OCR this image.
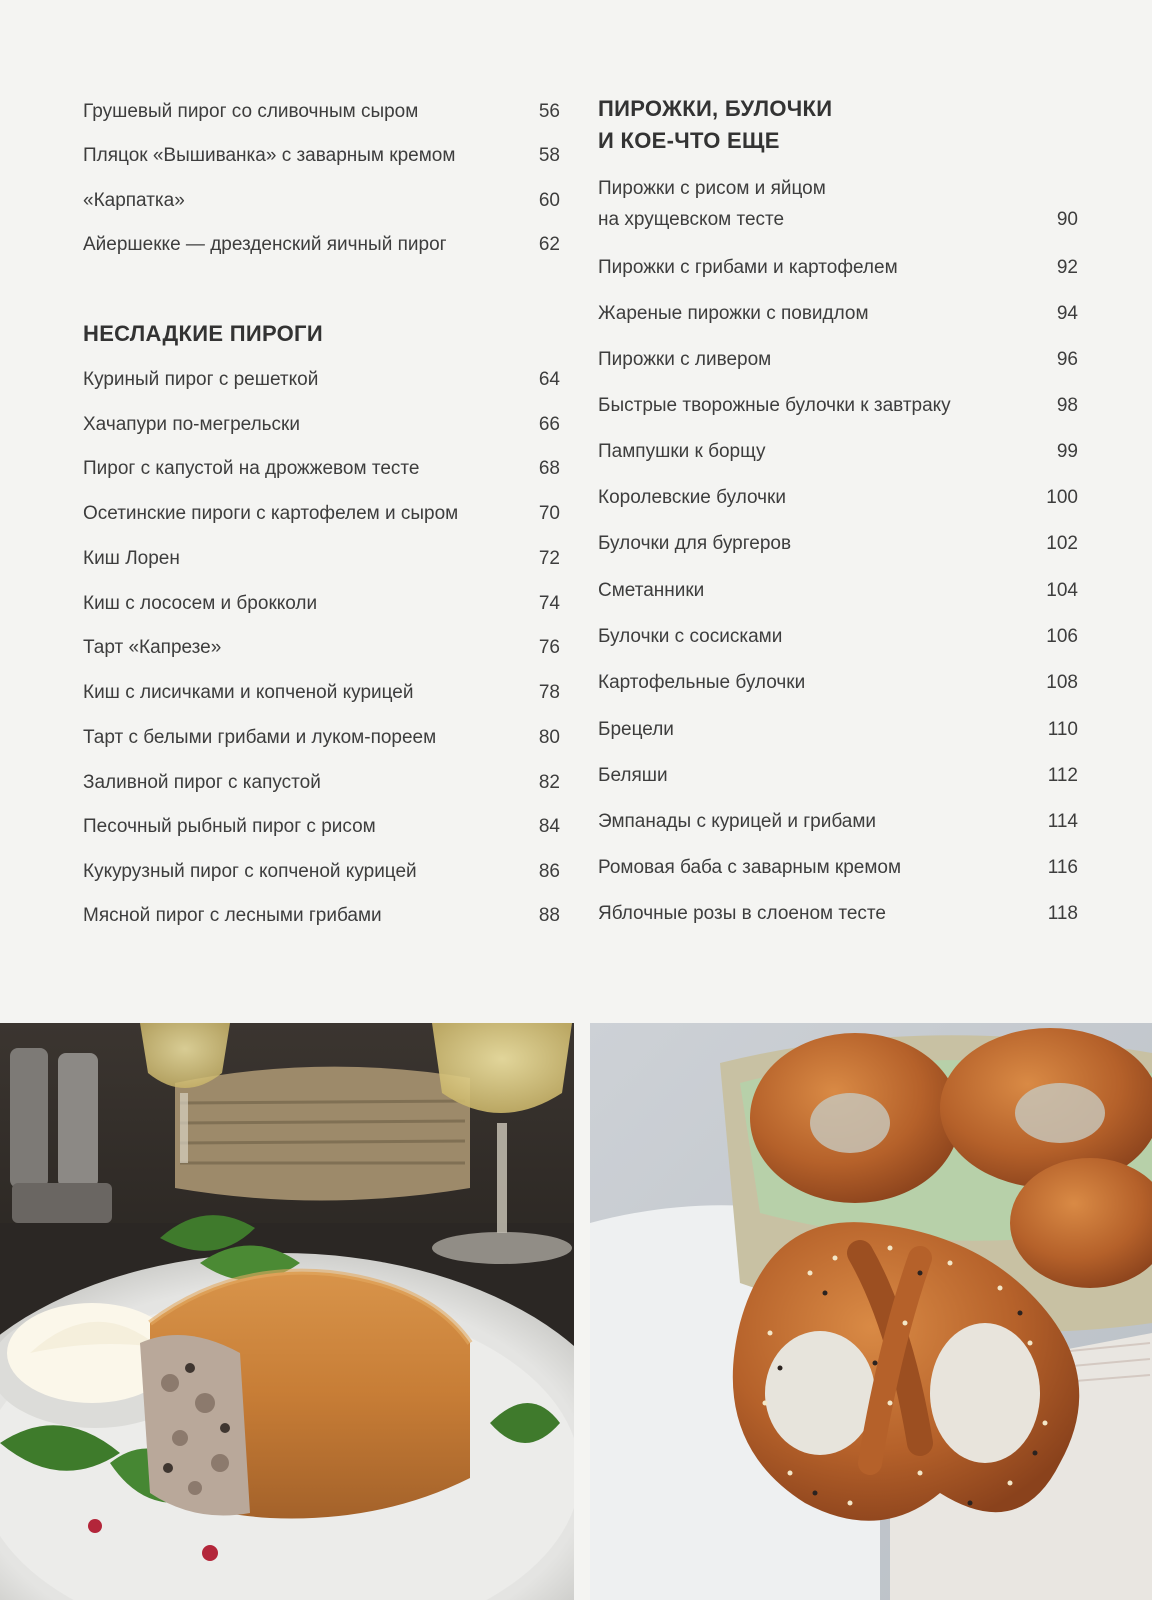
Грушевый пирог со сливочным сыром	56
Пляцок «Вышиванка» с заварным кремом	58
«Карпатка»	60
Айершекке — дрезденский яичный пирог	62
НЕСЛАДКИЕ ПИРОГИ
Куриный пирог с решеткой	64
Хачапури по-мегрельски	66
Пирог с капустой на дрожжевом тесте	68
Осетинские пироги с картофелем и сыром	70
Киш Лорен	72
Киш с лососем и брокколи	74
Тарт «Капрезе»	76
Киш с лисичками и копченой курицей	78
Тарт с белыми грибами и луком-пореем	80
Заливной пирог с капустой	82
Песочный рыбный пирог с рисом	84
Кукурузный пирог с копченой курицей	86
Мясной пирог с лесными грибами	88
ПИРОЖКИ, БУЛОЧКИ
И КОЕ-ЧТО ЕЩЕ
Пирожки с рисом и яйцом
на хрущевском тесте	90
Пирожки с грибами и картофелем	92
Жареные пирожки с повидлом	94
Пирожки с ливером	96
Быстрые творожные булочки к завтраку	98
Пампушки к борщу	99
Королевские булочки	100
Булочки для бургеров	102
Сметанники	104
Булочки с сосисками	106
Картофельные булочки	108
Брецели	110
Беляши	112
Эмпанады с курицей и грибами	114
Ромовая баба с заварным кремом	116
Яблочные розы в слоеном тесте	118
